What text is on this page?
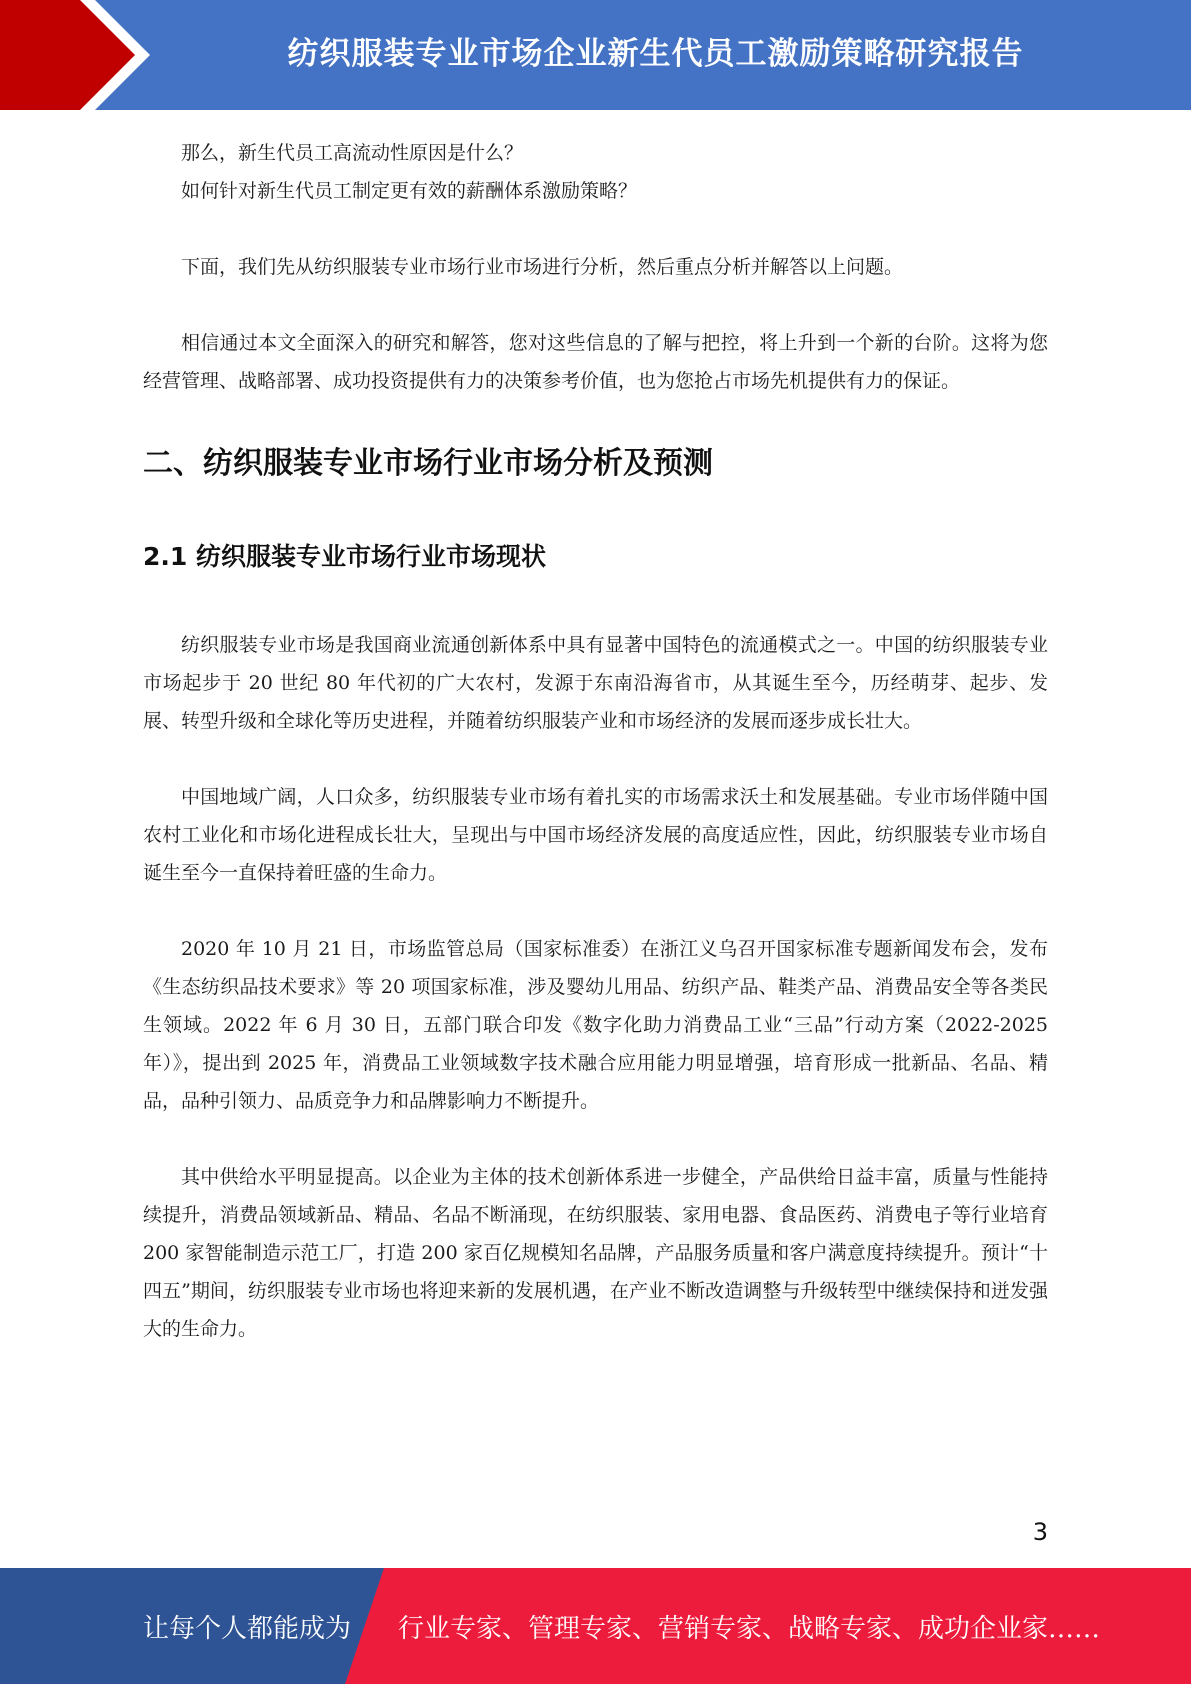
纺织服装专业市场企业新生代员工激励策略研究报告

那么，新生代员工高流动性原因是什么？

如何针对新生代员工制定更有效的薪酬体系激励策略？

下面，我们先从纺织服装专业市场行业市场进行分析，然后重点分析并解答以上问题。

相信通过本文全面深入的研究和解答，您对这些信息的了解与把控，将上升到一个新的台阶。这将为您经营管理、战略部署、成功投资提供有力的决策参考价值，也为您抢占市场先机提供有力的保证。

二、纺织服装专业市场行业市场分析及预测
2.1 纺织服装专业市场行业市场现状

纺织服装专业市场是我国商业流通创新体系中具有显著中国特色的流通模式之一。中国的纺织服装专业市场起步于 20 世纪 80 年代初的广大农村，发源于东南沿海省市，从其诞生至今，历经萌芽、起步、发展、转型升级和全球化等历史进程，并随着纺织服装产业和市场经济的发展而逐步成长壮大。

中国地域广阔，人口众多，纺织服装专业市场有着扎实的市场需求沃土和发展基础。专业市场伴随中国农村工业化和市场化进程成长壮大，呈现出与中国市场经济发展的高度适应性，因此，纺织服装专业市场自诞生至今一直保持着旺盛的生命力。

2020 年 10 月 21 日，市场监管总局（国家标准委）在浙江义乌召开国家标准专题新闻发布会，发布《生态纺织品技术要求》等 20 项国家标准，涉及婴幼儿用品、纺织产品、鞋类产品、消费品安全等各类民生领域。2022 年 6 月 30 日，五部门联合印发《数字化助力消费品工业“三品”行动方案（2022-2025 年）》，提出到 2025 年，消费品工业领域数字技术融合应用能力明显增强，培育形成一批新品、名品、精品，品种引领力、品质竞争力和品牌影响力不断提升。

其中供给水平明显提高。以企业为主体的技术创新体系进一步健全，产品供给日益丰富，质量与性能持续提升，消费品领域新品、精品、名品不断涌现，在纺织服装、家用电器、食品医药、消费电子等行业培育 200 家智能制造示范工厂，打造 200 家百亿规模知名品牌，产品服务质量和客户满意度持续提升。预计“十四五”期间，纺织服装专业市场也将迎来新的发展机遇，在产业不断改造调整与升级转型中继续保持和迸发强大的生命力。

3
让每个人都能成为 行业专家、管理专家、营销专家、战略专家、成功企业家……
